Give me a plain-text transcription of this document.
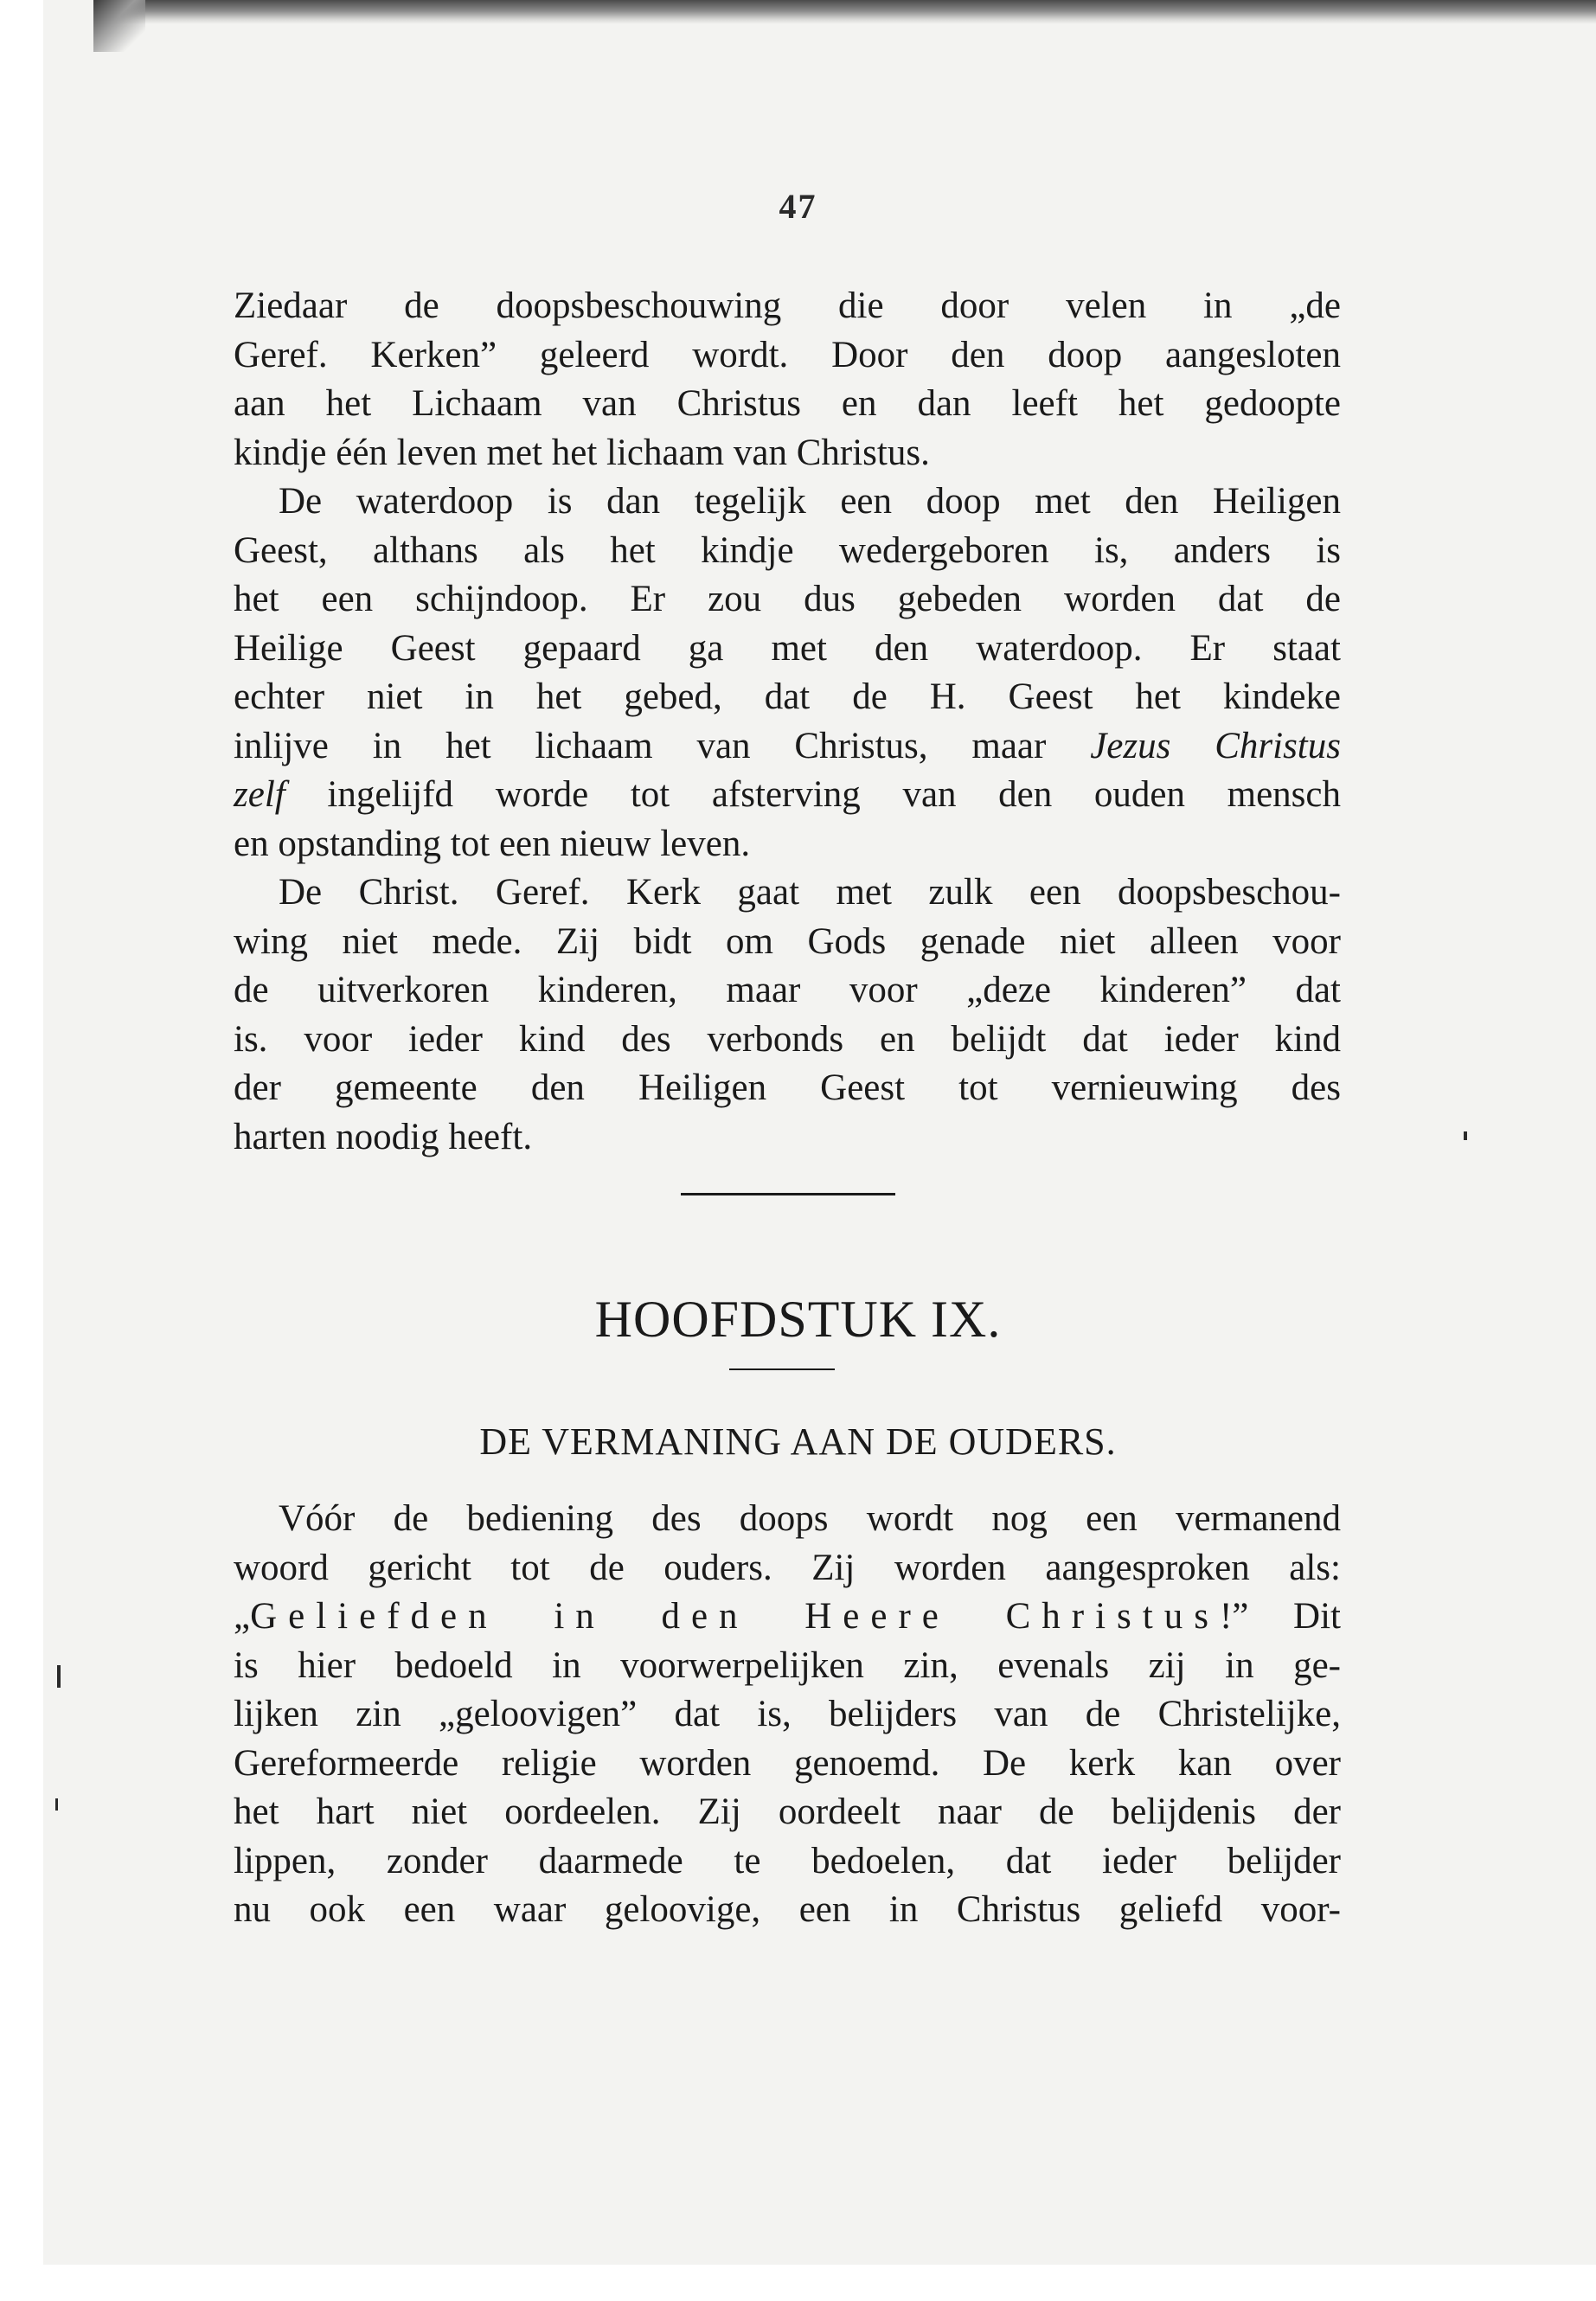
47
Ziedaar de doopsbeschouwing die door velen in „de
Geref. Kerken” geleerd wordt. Door den doop aangesloten
aan het Lichaam van Christus en dan leeft het gedoopte
kindje één leven met het lichaam van Christus.
De waterdoop is dan tegelijk een doop met den Heiligen
Geest, althans als het kindje wedergeboren is, anders is
het een schijndoop. Er zou dus gebeden worden dat de
Heilige Geest gepaard ga met den waterdoop. Er staat
echter niet in het gebed, dat de H. Geest het kindeke
inlijve in het lichaam van Christus, maar Jezus Christus
zelf ingelijfd worde tot afsterving van den ouden mensch
en opstanding tot een nieuw leven.
De Christ. Geref. Kerk gaat met zulk een doopsbeschou-
wing niet mede. Zij bidt om Gods genade niet alleen voor
de uitverkoren kinderen, maar voor „deze kinderen” dat
is. voor ieder kind des verbonds en belijdt dat ieder kind
der gemeente den Heiligen Geest tot vernieuwing des
harten noodig heeft.
HOOFDSTUK IX.
DE VERMANING AAN DE OUDERS.
Vóór de bediening des doops wordt nog een vermanend
woord gericht tot de ouders. Zij worden aangesproken als:
„Geliefden in den Heere Christus!” Dit
is hier bedoeld in voorwerpelijken zin, evenals zij in ge-
lijken zin „geloovigen” dat is, belijders van de Christelijke,
Gereformeerde religie worden genoemd. De kerk kan over
het hart niet oordeelen. Zij oordeelt naar de belijdenis der
lippen, zonder daarmede te bedoelen, dat ieder belijder
nu ook een waar geloovige, een in Christus geliefd voor-
